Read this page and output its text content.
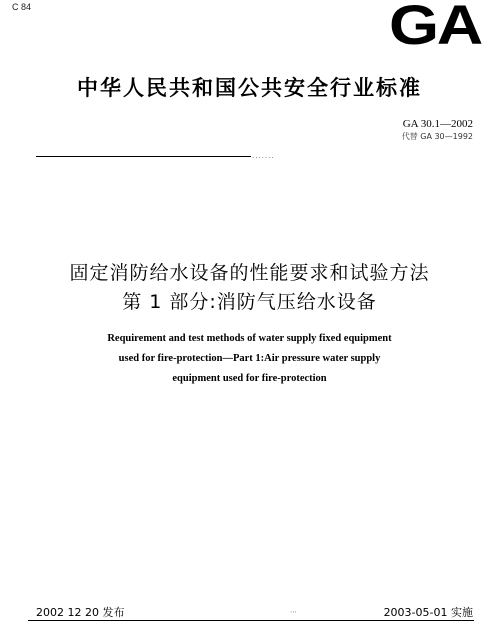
C 84	GA
中华人民共和国公共安全行业标准
GA 30.1—2002
代替 GA 30—1992
.......
固定消防给水设备的性能要求和试验方法
第 1 部分:消防气压给水设备
Requirement and test methods of water supply fixed equipment
used for fire-protection—Part 1:Air pressure water supply
equipment used for fire-protection
2002 12 20 发布	⋯	2003-05-01 实施
